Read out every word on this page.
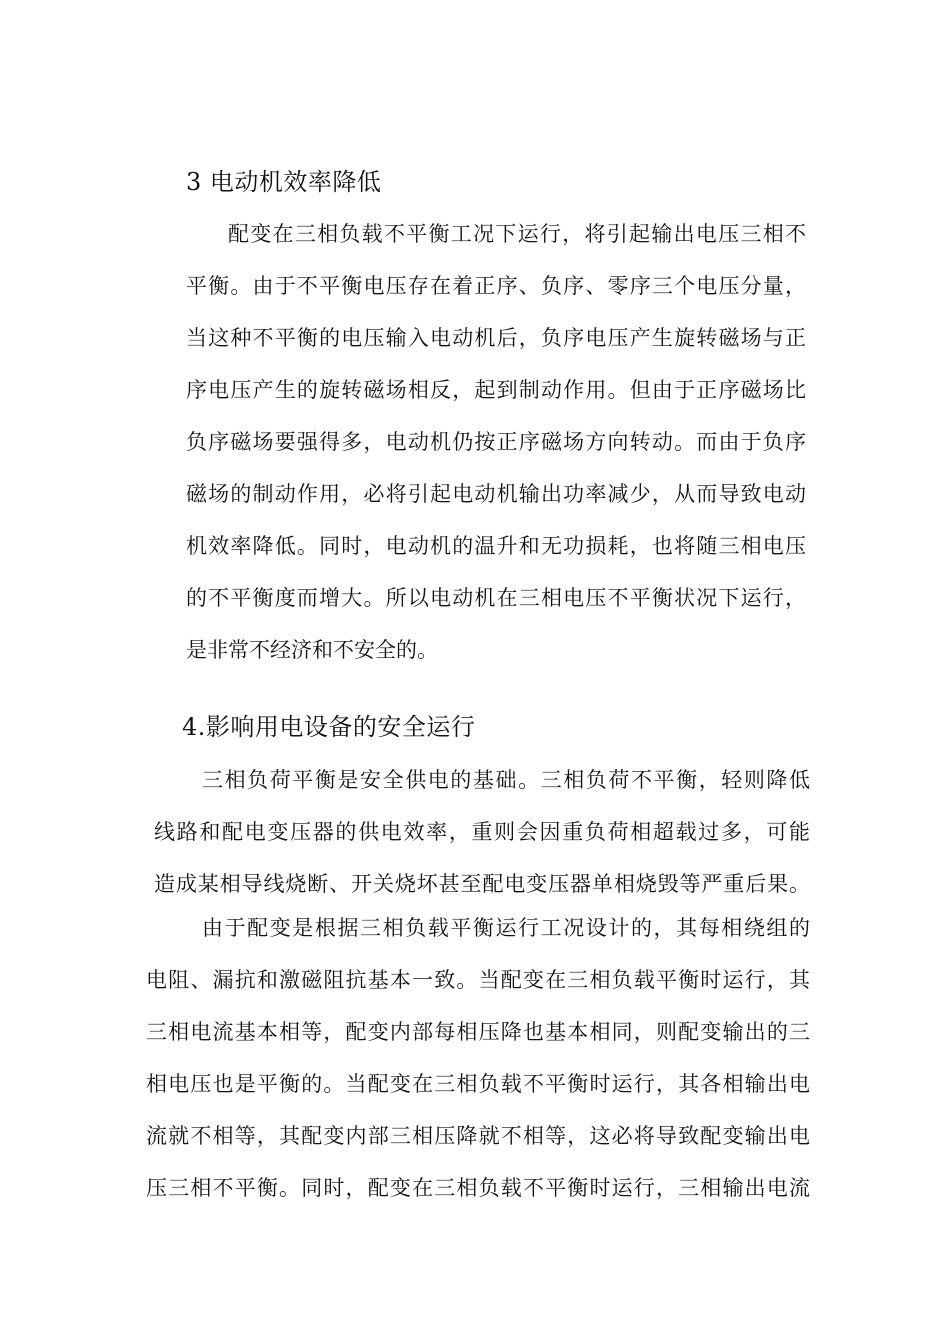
3 电动机效率降低
配变在三相负载不平衡工况下运行，将引起输出电压三相不
平衡。由于不平衡电压存在着正序、负序、零序三个电压分量，
当这种不平衡的电压输入电动机后，负序电压产生旋转磁场与正
序电压产生的旋转磁场相反，起到制动作用。但由于正序磁场比
负序磁场要强得多，电动机仍按正序磁场方向转动。而由于负序
磁场的制动作用，必将引起电动机输出功率减少，从而导致电动
机效率降低。同时，电动机的温升和无功损耗，也将随三相电压
的不平衡度而增大。所以电动机在三相电压不平衡状况下运行，
是非常不经济和不安全的。
4.影响用电设备的安全运行
三相负荷平衡是安全供电的基础。三相负荷不平衡，轻则降低
线路和配电变压器的供电效率，重则会因重负荷相超载过多，可能
造成某相导线烧断、开关烧坏甚至配电变压器单相烧毁等严重后果。
由于配变是根据三相负载平衡运行工况设计的，其每相绕组的
电阻、漏抗和激磁阻抗基本一致。当配变在三相负载平衡时运行，其
三相电流基本相等，配变内部每相压降也基本相同，则配变输出的三
相电压也是平衡的。当配变在三相负载不平衡时运行，其各相输出电
流就不相等，其配变内部三相压降就不相等，这必将导致配变输出电
压三相不平衡。同时，配变在三相负载不平衡时运行，三相输出电流
